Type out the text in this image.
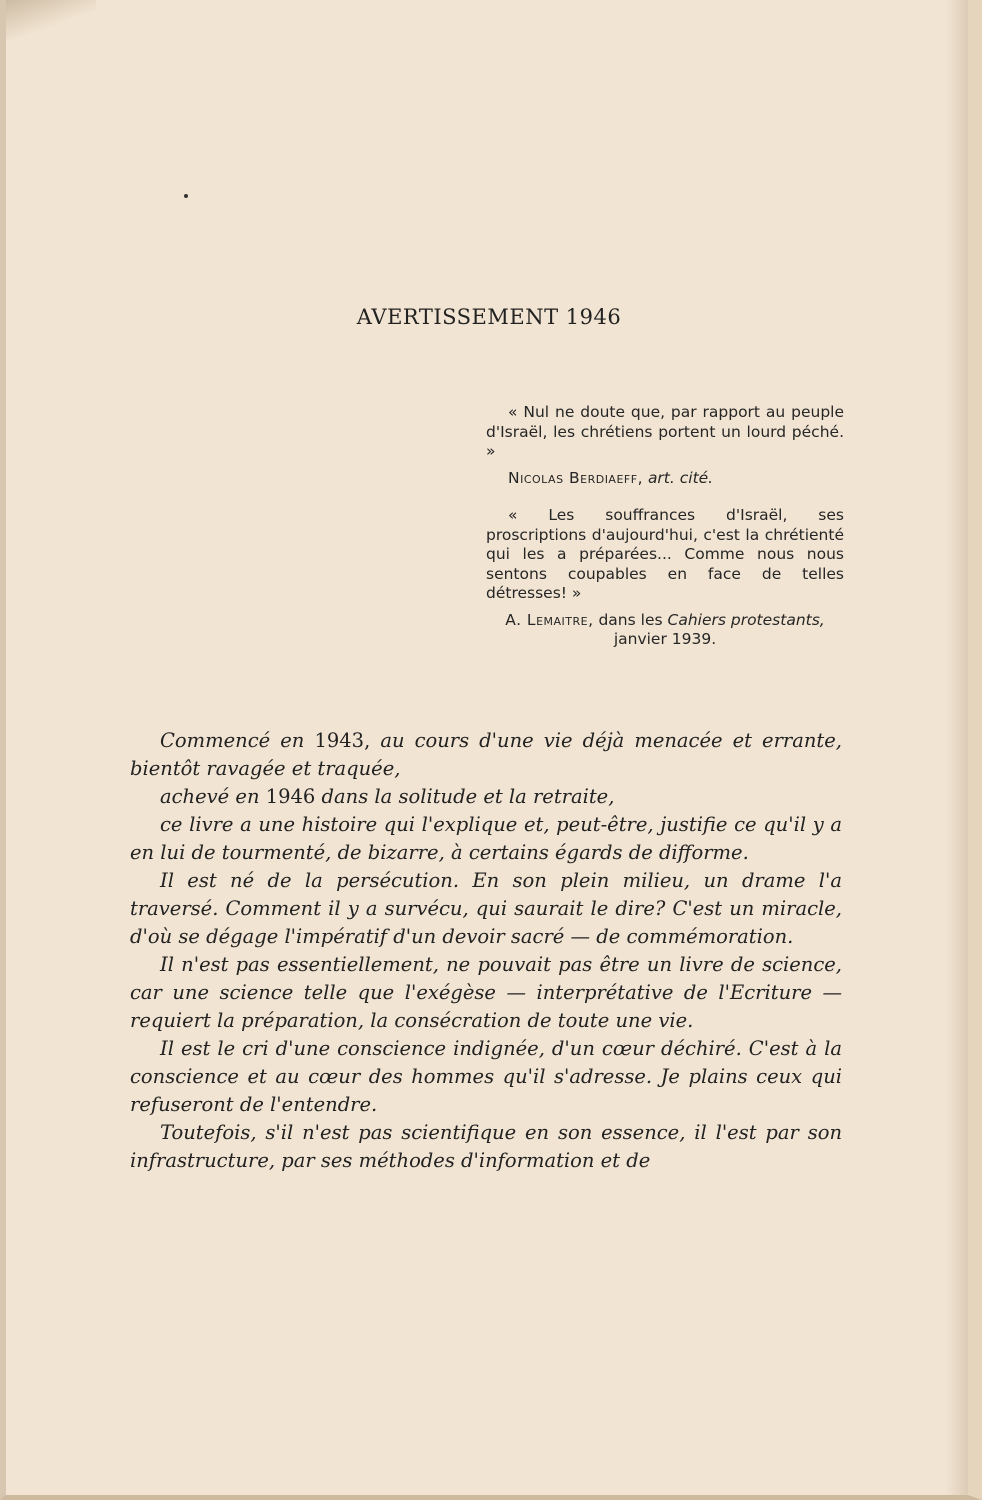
AVERTISSEMENT 1946

« Nul ne doute que, par rapport au peuple d'Israël, les chrétiens portent un lourd péché. »

Nicolas Berdiaeff, art. cité.

« Les souffrances d'Israël, ses proscriptions d'aujourd'hui, c'est la chrétienté qui les a préparées... Comme nous nous sentons coupables en face de telles détresses! »

A. Lemaitre, dans les Cahiers protestants, janvier 1939.

Commencé en 1943, au cours d'une vie déjà menacée et errante, bientôt ravagée et traquée,

achevé en 1946 dans la solitude et la retraite,

ce livre a une histoire qui l'explique et, peut-être, justifie ce qu'il y a en lui de tourmenté, de bizarre, à certains égards de difforme.

Il est né de la persécution. En son plein milieu, un drame l'a traversé. Comment il y a survécu, qui saurait le dire? C'est un miracle, d'où se dégage l'impératif d'un devoir sacré — de commémoration.

Il n'est pas essentiellement, ne pouvait pas être un livre de science, car une science telle que l'exégèse — interprétative de l'Ecriture — requiert la préparation, la consécration de toute une vie.

Il est le cri d'une conscience indignée, d'un cœur déchiré. C'est à la conscience et au cœur des hommes qu'il s'adresse. Je plains ceux qui refuseront de l'entendre.

Toutefois, s'il n'est pas scientifique en son essence, il l'est par son infrastructure, par ses méthodes d'information et de
